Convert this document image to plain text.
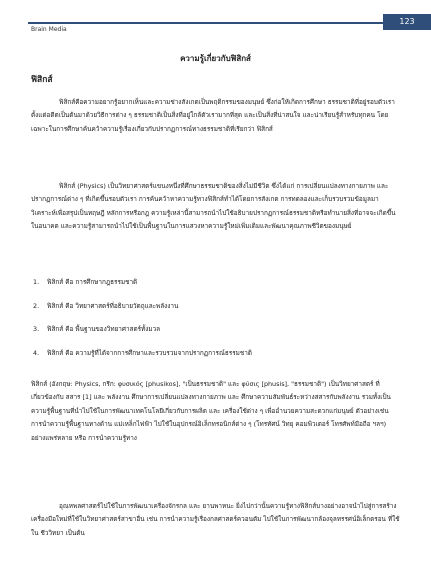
123
Brain Media
ความรู้เกี่ยวกับฟิสิกส์
ฟิสิกส์
ฟิสิกส์คือความอยากรู้อยากเห็นและความช่างสังเกตเป็นพฤติกรรมของมนุษย์ ซึ่งก่อให้เกิดการศึกษา ธรรมชาติที่อยู่รอบตัวเราตั้งแต่อดีตเป็นต้นมาด้วยวิธีการต่าง ๆ ธรรมชาติเป็นสิ่งที่อยู่ใกล้ตัวเรามากที่สุด และเป็นสิ่งที่น่าสนใจ และน่าเรียนรู้สำหรับทุกคน โดยเฉพาะในการศึกษาค้นคว้าความรู้เรื่องเกี่ยวกับปรากฏการณ์ทางธรรมชาติที่เรียกว่า ฟิสิกส์
ฟิสิกส์ (Physics) เป็นวิทยาศาสตร์แขนงหนึ่งที่ศึกษาธรรมชาติของสิ่งไม่มีชีวิต ซึ่งได้แก่ การเปลี่ยนแปลงทางกายภาพ และปรากฏการณ์ต่าง ๆ ที่เกิดขึ้นรอบตัวเรา การค้นคว้าหาความรู้ทางฟิสิกส์ทำได้โดยการสังเกต การทดลองและเก็บรวบรวมข้อมูลมาวิเคราะห์เพื่อสรุปเป็นทฤษฎี หลักการหรือกฎ ความรู้เหล่านี้สามารถนำไปใช้อธิบายปรากฏการณ์ธรรมชาติหรือทำนายสิ่งที่อาจจะเกิดขึ้นในอนาคต และความรู้สามารถนำไปใช้เป็นพื้นฐานในการแสวงหาความรู้ใหม่เพิ่มเติมและพัฒนาคุณภาพชีวิตของมนุษย์
1. ฟิสิกส์ คือ การศึกษากฎธรรมชาติ
2. ฟิสิกส์ คือ วิทยาศาสตร์ที่อธิบายวัตถุและพลังงาน
3. ฟิสิกส์ คือ พื้นฐานของวิทยาศาสตร์ทั้งมวล
4. ฟิสิกส์ คือ ความรู้ที่ได้จากการศึกษาและรวบรวมจากปรากฏการณ์ธรรมชาติ
ฟิสิกส์ (อังกฤษ: Physics, กรีก: φυσικός [phusikos], "เป็นธรรมชาติ" และ φύσις [phusis], "ธรรมชาติ") เป็นวิทยาศาสตร์ ที่เกี่ยวข้องกับ สสาร [1] และ พลังงาน ศึกษาการเปลี่ยนแปลงทางกายภาพ และ ศึกษาความสัมพันธ์ระหว่างสสารกับพลังงาน รวมทั้งเป็นความรู้พื้นฐานที่นำไปใช้ในการพัฒนาเทคโนโลยีเกี่ยวกับการผลิต และ เครื่องใช้ต่าง ๆ เพื่ออำนวยความสะดวกแก่มนุษย์ ตัวอย่างเช่น การนำความรู้พื้นฐานทางด้าน แม่เหล็กไฟฟ้า ไปใช้ในอุปกรณ์อิเล็กทรอนิกส์ต่าง ๆ (โทรทัศน์ วิทยุ คอมพิวเตอร์ โทรศัพท์มือถือ ฯลฯ) อย่างแพร่หลาย หรือ การนำความรู้ทาง
อุณหพลศาสตร์ไปใช้ในการพัฒนาเครื่องจักรกล และ ยานพาหนะ ยิ่งไปกว่านั้นความรู้ทางฟิสิกส์บางอย่างอาจนำไปสู่การสร้างเครื่องมือใหม่ที่ใช้ในวิทยาศาสตร์สาขาอื่น เช่น การนำความรู้เรื่องกลศาสตร์ควอนตัม ไปใช้ในการพัฒนากล้องจุลทรรศน์อิเล็กตรอน ที่ใช้ใน ชีววิทยา เป็นต้น
